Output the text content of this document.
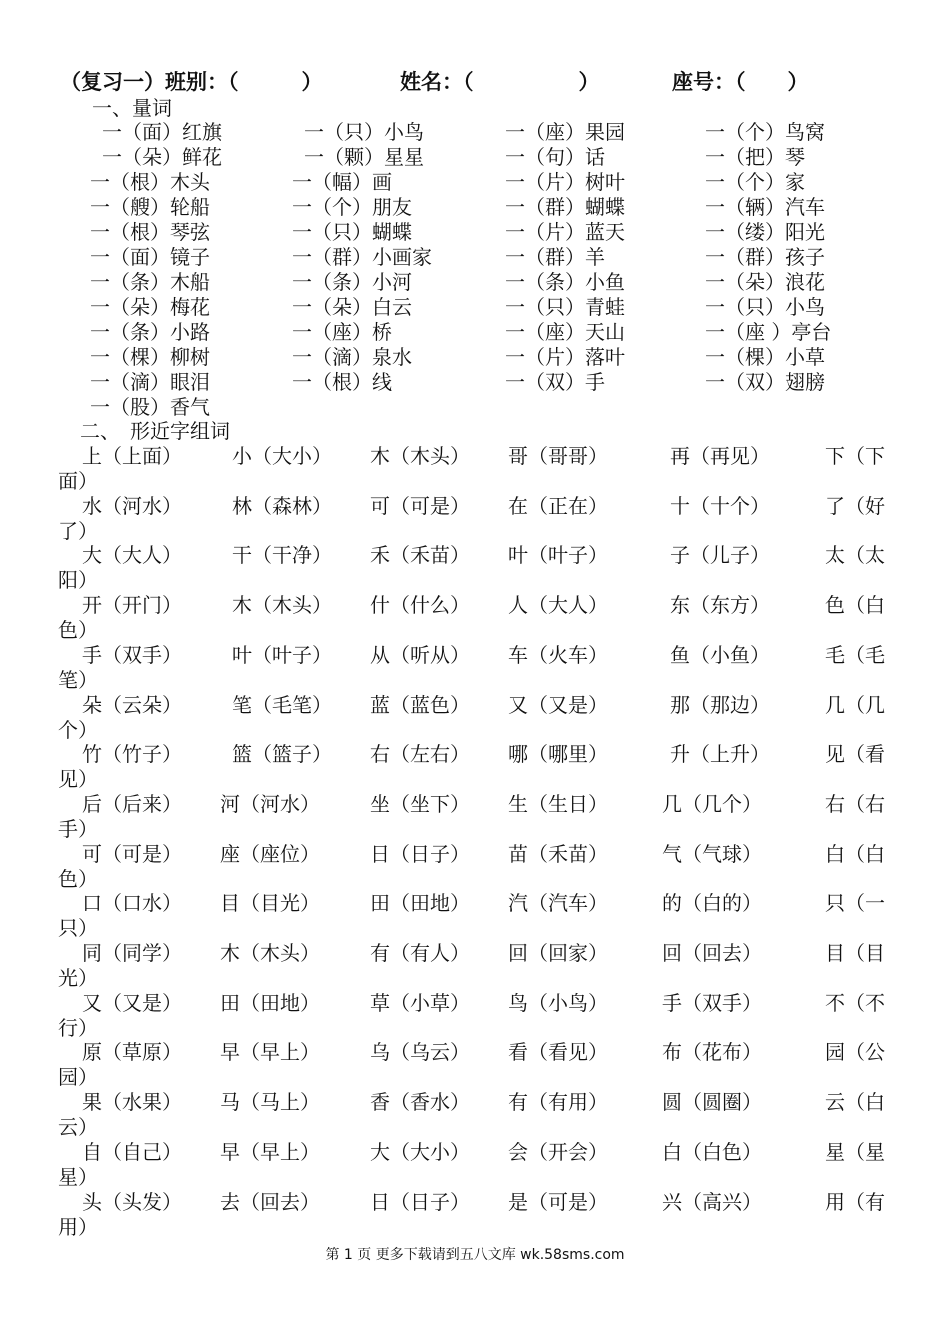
（复习一）班别：（　　　）	姓名：（　　　　　）	座号：（　　）
一、量词
一（面）红旗	一（只）小鸟	一（座）果园	一（个）鸟窝
一（朵）鲜花	一（颗）星星	一（句）话	一（把）琴
一（根）木头	一（幅）画	一（片）树叶	一（个）家
一（艘）轮船	一（个）朋友	一（群）蝴蝶	一（辆）汽车
一（根）琴弦	一（只）蝴蝶	一（片）蓝天	一（缕）阳光
一（面）镜子	一（群）小画家	一（群）羊	一（群）孩子
一（条）木船	一（条）小河	一（条）小鱼	一（朵）浪花
一（朵）梅花	一（朵）白云	一（只）青蛙	一（只）小鸟
一（条）小路	一（座）桥	一（座）天山	一（座 ）亭台
一（棵）柳树	一（滴）泉水	一（片）落叶	一（棵）小草
一（滴）眼泪	一（根）线	一（双）手	一（双）翅膀
一（股）香气
二、　形近字组词
上（上面）	小（大小） 木（木头） 哥（哥哥）	再（再见）	下（下
面）
水（河水）	林（森林） 可（可是） 在（正在）	十（十个）	了（好
了）
大（大人）	干（干净） 禾（禾苗） 叶（叶子）	子（儿子）	太（太
阳）
开（开门）	木（木头） 什（什么） 人（大人）	东（东方）	色（白
色）
手（双手）	叶（叶子） 从（听从） 车（火车）	鱼（小鱼）	毛（毛
笔）
朵（云朵）	笔（毛笔） 蓝（蓝色） 又（又是）	那（那边）	几（几
个）
竹（竹子）	篮（篮子） 右（左右） 哪（哪里）	升（上升）	见（看
见）
后（后来） 河（河水）	坐（坐下） 生（生日）	几（几个）	右（右
手）
可（可是） 座（座位）	日（日子） 苗（禾苗）	气（气球）	白（白
色）
口（口水） 目（目光）	田（田地） 汽（汽车）	的（白的）	只（一
只）
同（同学） 木（木头）	有（有人） 回（回家）	回（回去）	目（目
光）
又（又是） 田（田地）	草（小草） 鸟（小鸟）	手（双手）	不（不
行）
原（草原） 早（早上）	乌（乌云） 看（看见）	布（花布）	园（公
园）
果（水果） 马（马上）	香（香水） 有（有用）	圆（圆圈）	云（白
云）
自（自己） 早（早上）	大（大小） 会（开会）	白（白色）	星（星
星）
头（头发） 去（回去）	日（日子） 是（可是）	兴（高兴）	用（有
用）
第 1 页 更多下载请到五八文库 wk.58sms.com
